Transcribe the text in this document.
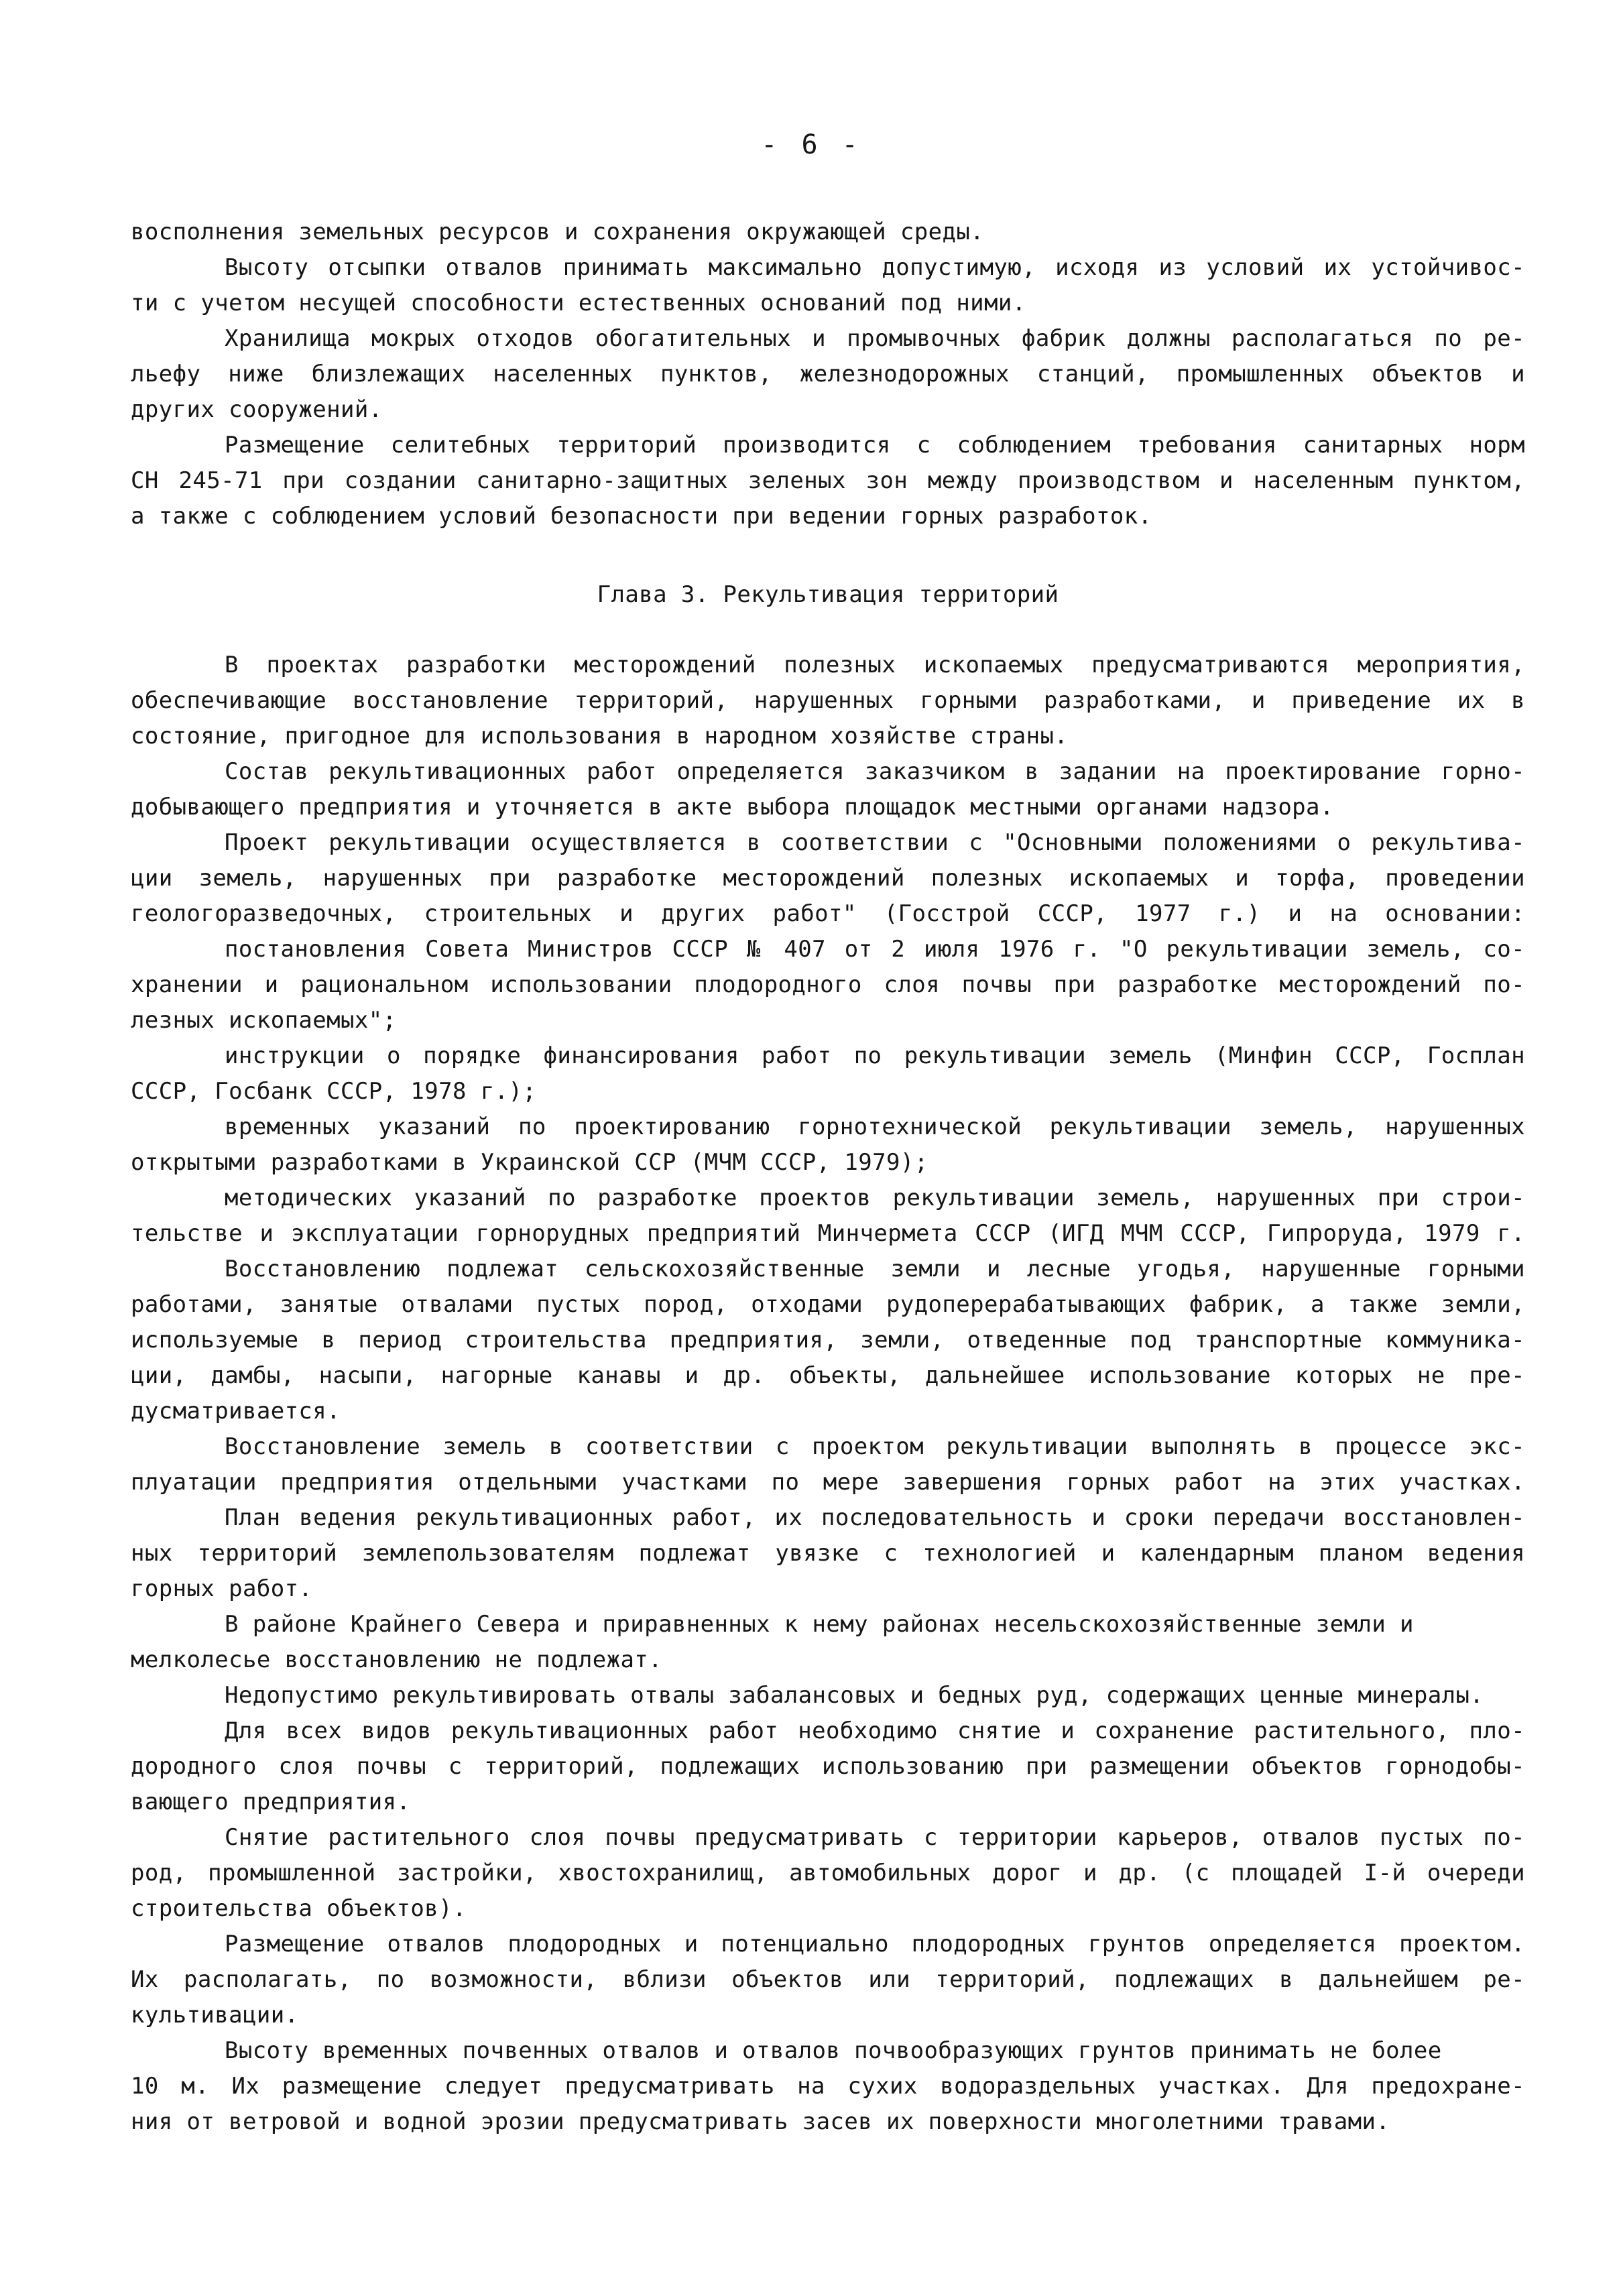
- 6 -
восполнения земельных ресурсов и сохранения окружающей среды.
Высоту отсыпки отвалов принимать максимально допустимую, исходя из условий их устойчивос-
ти с учетом несущей способности естественных оснований под ними.
Хранилища мокрых отходов обогатительных и промывочных фабрик должны располагаться по ре-
льефу ниже близлежащих населенных пунктов, железнодорожных станций, промышленных объектов и
других сооружений.
Размещение селитебных территорий производится с соблюдением требования санитарных норм
СН 245-71 при создании санитарно-защитных зеленых зон между производством и населенным пунктом,
а также с соблюдением условий безопасности при ведении горных разработок.
Глава 3. Рекультивация территорий
В проектах разработки месторождений полезных ископаемых предусматриваются мероприятия,
обеспечивающие восстановление территорий, нарушенных горными разработками, и приведение их в
состояние, пригодное для использования в народном хозяйстве страны.
Состав рекультивационных работ определяется заказчиком в задании на проектирование горно-
добывающего предприятия и уточняется в акте выбора площадок местными органами надзора.
Проект рекультивации осуществляется в соответствии с "Основными положениями о рекультива-
ции земель, нарушенных при разработке месторождений полезных ископаемых и торфа, проведении
геологоразведочных, строительных и других работ" (Госстрой СССР, 1977 г.) и на основании:
постановления Совета Министров СССР № 407 от 2 июля 1976 г. "О рекультивации земель, со-
хранении и рациональном использовании плодородного слоя почвы при разработке месторождений по-
лезных ископаемых";
инструкции о порядке финансирования работ по рекультивации земель (Минфин СССР, Госплан
СССР, Госбанк СССР, 1978 г.);
временных указаний по проектированию горнотехнической рекультивации земель, нарушенных
открытыми разработками в Украинской ССР (МЧМ СССР, 1979);
методических указаний по разработке проектов рекультивации земель, нарушенных при строи-
тельстве и эксплуатации горнорудных предприятий Минчермета СССР (ИГД МЧМ СССР, Гипроруда, 1979 г.
Восстановлению подлежат сельскохозяйственные земли и лесные угодья, нарушенные горными
работами, занятые отвалами пустых пород, отходами рудоперерабатывающих фабрик, а также земли,
используемые в период строительства предприятия, земли, отведенные под транспортные коммуника-
ции, дамбы, насыпи, нагорные канавы и др. объекты, дальнейшее использование которых не пре-
дусматривается.
Восстановление земель в соответствии с проектом рекультивации выполнять в процессе экс-
плуатации предприятия отдельными участками по мере завершения горных работ на этих участках.
План ведения рекультивационных работ, их последовательность и сроки передачи восстановлен-
ных территорий землепользователям подлежат увязке с технологией и календарным планом ведения
горных работ.
В районе Крайнего Севера и приравненных к нему районах несельскохозяйственные земли и
мелколесье восстановлению не подлежат.
Недопустимо рекультивировать отвалы забалансовых и бедных руд, содержащих ценные минералы.
Для всех видов рекультивационных работ необходимо снятие и сохранение растительного, пло-
дородного слоя почвы с территорий, подлежащих использованию при размещении объектов горнодобы-
вающего предприятия.
Снятие растительного слоя почвы предусматривать с территории карьеров, отвалов пустых по-
род, промышленной застройки, хвостохранилищ, автомобильных дорог и др. (с площадей I-й очереди
строительства объектов).
Размещение отвалов плодородных и потенциально плодородных грунтов определяется проектом.
Их располагать, по возможности, вблизи объектов или территорий, подлежащих в дальнейшем ре-
культивации.
Высоту временных почвенных отвалов и отвалов почвообразующих грунтов принимать не более
10 м. Их размещение следует предусматривать на сухих водораздельных участках. Для предохране-
ния от ветровой и водной эрозии предусматривать засев их поверхности многолетними травами.
